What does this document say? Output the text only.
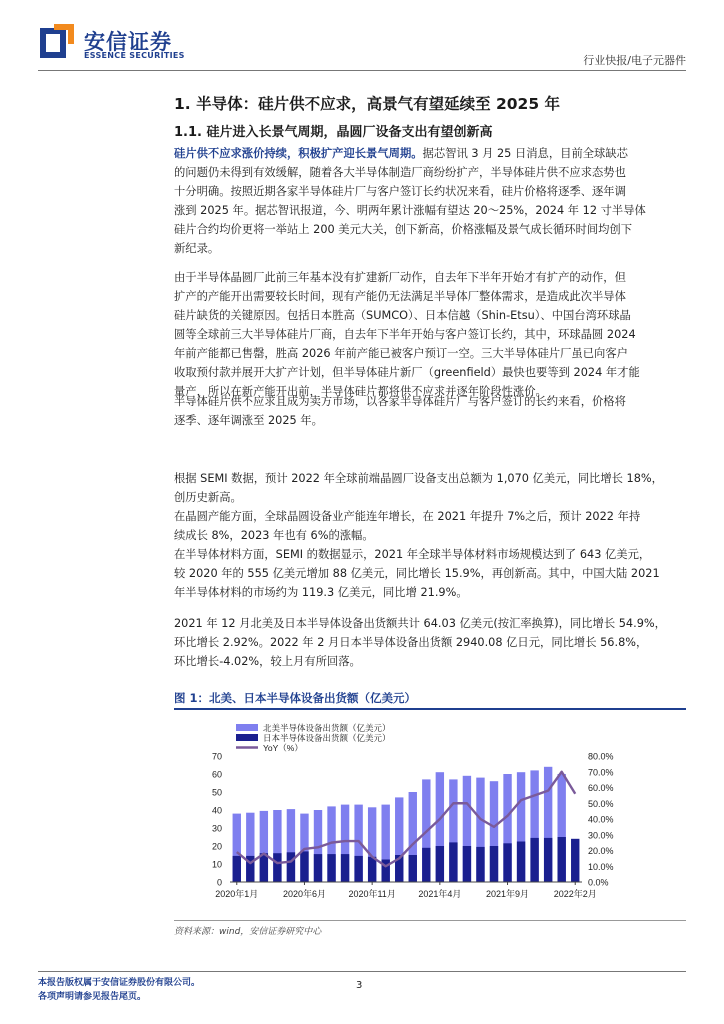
安信证券
ESSENCE SECURITIES	行业快报/电子元器件
1. 半导体：硅片供不应求，高景气有望延续至 2025 年
1.1. 硅片进入长景气周期，晶圆厂设备支出有望创新高
硅片供不应求涨价持续，积极扩产迎长景气周期。据芯智讯 3 月 25 日消息，目前全球缺芯
的问题仍未得到有效缓解，随着各大半导体制造厂商纷纷扩产，半导体硅片供不应求态势也
十分明确。按照近期各家半导体硅片厂与客户签订长约状况来看，硅片价格将逐季、逐年调
涨到 2025 年。据芯智讯报道，今、明两年累计涨幅有望达 20～25%，2024 年 12 寸半导体
硅片合约均价更将一举站上 200 美元大关，创下新高，价格涨幅及景气成长循环时间均创下
新纪录。
由于半导体晶圆厂此前三年基本没有扩建新厂动作，自去年下半年开始才有扩产的动作，但
扩产的产能开出需要较长时间，现有产能仍无法满足半导体厂整体需求，是造成此次半导体
硅片缺货的关键原因。包括日本胜高（SUMCO）、日本信越（Shin-Etsu）、中国台湾环球晶
圆等全球前三大半导体硅片厂商，自去年下半年开始与客户签订长约，其中，环球晶圆 2024
年前产能都已售罄，胜高 2026 年前产能已被客户预订一空。三大半导体硅片厂虽已向客户
收取预付款并展开大扩产计划，但半导体硅片新厂（greenfield）最快也要等到 2024 年才能
量产，所以在新产能开出前，半导体硅片都将供不应求并逐年阶段性涨价。
半导体硅片供不应求且成为卖方市场，以各家半导体硅片厂与客户签订的长约来看，价格将
逐季、逐年调涨至 2025 年。
根据 SEMI 数据，预计 2022 年全球前端晶圆厂设备支出总额为 1,070 亿美元，同比增长 18%，
创历史新高。
在晶圆产能方面，全球晶圆设备业产能连年增长，在 2021 年提升 7%之后，预计 2022 年持
续成长 8%，2023 年也有 6%的涨幅。
在半导体材料方面，SEMI 的数据显示，2021 年全球半导体材料市场规模达到了 643 亿美元，
较 2020 年的 555 亿美元增加 88 亿美元，同比增长 15.9%，再创新高。其中，中国大陆 2021
年半导体材料的市场约为 119.3 亿美元，同比增 21.9%。
2021 年 12 月北美及日本半导体设备出货额共计 64.03 亿美元(按汇率换算)，同比增长 54.9%，
环比增长 2.92%。2022 年 2 月日本半导体设备出货额 2940.08 亿日元，同比增长 56.8%，
环比增长-4.02%，较上月有所回落。
图 1：北美、日本半导体设备出货额（亿美元）
0
10
20
30
40
50
60
70
0.0%
10.0%
20.0%
30.0%
40.0%
50.0%
60.0%
70.0%
80.0%
2020年1月	2020年6月 2020年11月 2021年4月	2021年9月	2022年2月
北美半导体设备出货额（亿美元）
日本半导体设备出货额（亿美元）
YoY（%）
资料来源：wind，安信证券研究中心
本报告版权属于安信证券股份有限公司。
各项声明请参见报告尾页。
3
